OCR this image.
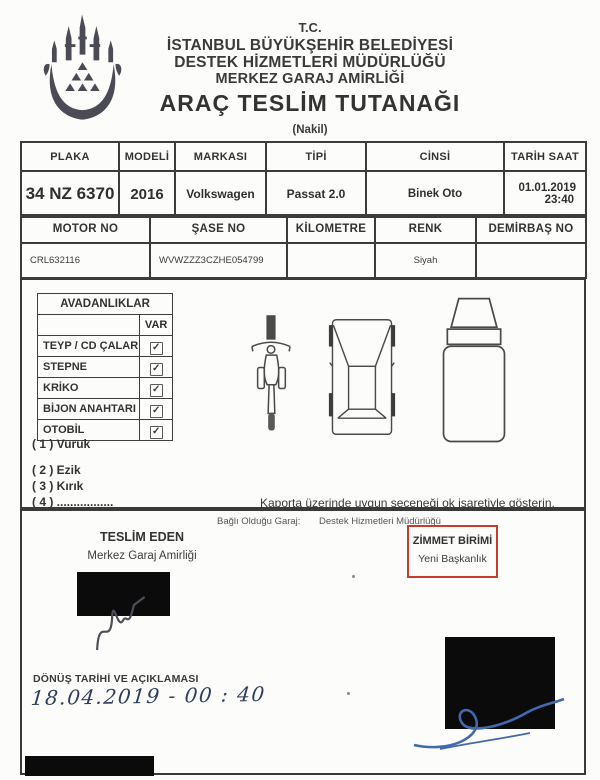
T.C.
İSTANBUL BÜYÜKŞEHİR BELEDİYESİ
DESTEK HİZMETLERİ MÜDÜRLÜĞÜ
MERKEZ GARAJ AMİRLİĞİ
ARAÇ TESLİM TUTANAĞI
(Nakil)
PLAKA	MODELİ	MARKASI	TİPİ	CİNSİ	TARİH SAAT
34 NZ 6370	2016	Volkswagen	Passat 2.0	Binek Oto	01.01.2019
23:40
MOTOR NO	ŞASE NO	KİLOMETRE	RENK	DEMİRBAŞ NO
CRL632116	WVWZZZ3CZHE054799		Siyah	
AVADANLIKLAR	
	VAR
TEYP / CD ÇALAR	✓
STEPNE	✓
KRİKO	✓
BİJON ANAHTARI	✓
OTOBİL	✓
( 1 ) Vuruk
( 2 ) Ezik
( 3 ) Kırık
( 4 ) .................	Kaporta üzerinde uygun seçeneği ok işaretiyle gösterin.
Bağlı Olduğu Garaj: Destek Hizmetleri Müdürlüğü
TESLİM EDEN
Merkez Garaj Amirliği
ZİMMET BİRİMİ
Yeni Başkanlık
DÖNÜŞ TARİHİ VE AÇIKLAMASI
18.04.2019 - 00 : 40
